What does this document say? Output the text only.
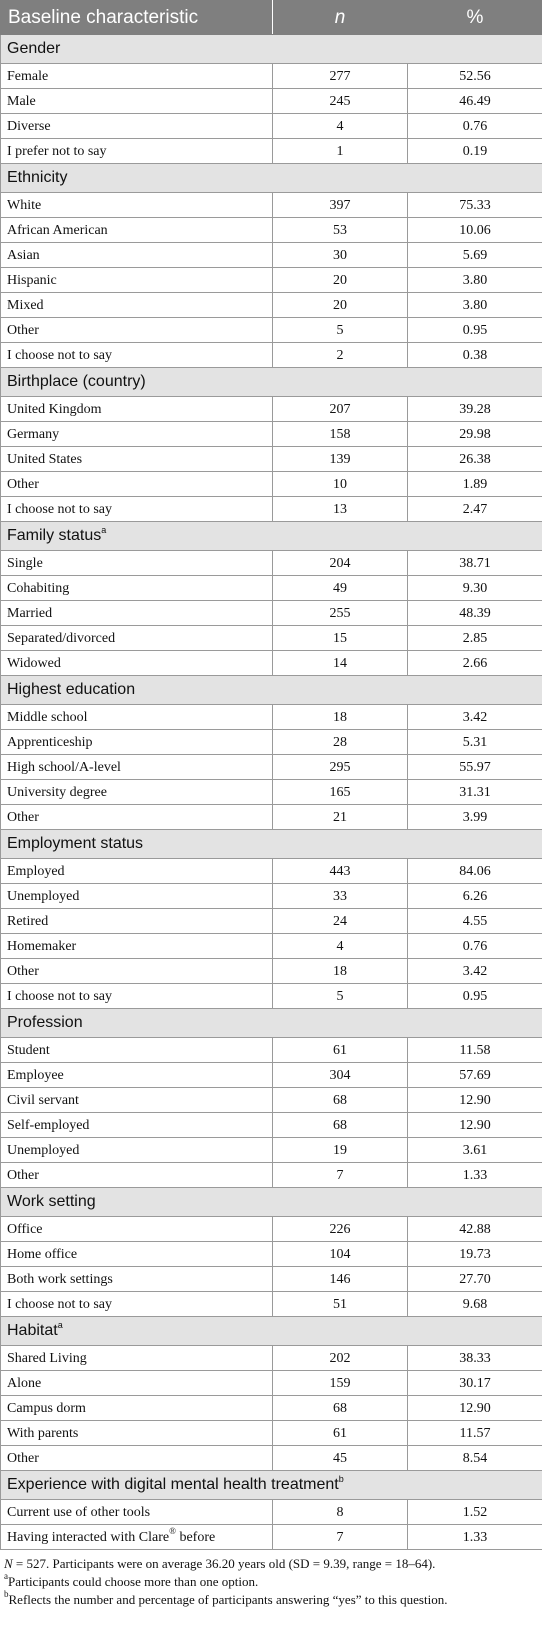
Baseline characteristic	n	%
Gender		
Female	277	52.56
Male	245	46.49
Diverse	4	0.76
I prefer not to say	1	0.19
Ethnicity		
White	397	75.33
African American	53	10.06
Asian	30	5.69
Hispanic	20	3.80
Mixed	20	3.80
Other	5	0.95
I choose not to say	2	0.38
Birthplace (country)		
United Kingdom	207	39.28
Germany	158	29.98
United States	139	26.38
Other	10	1.89
I choose not to say	13	2.47
Family status$^a$
Single	204	38.71
Cohabiting	49	9.30
Married	255	48.39
Separated/divorced	15	2.85
Widowed	14	2.66
Highest education		
Middle school	18	3.42
Apprenticeship	28	5.31
High school/A-level	295	55.97
University degree	165	31.31
Other	21	3.99
Employment status		
Employed	443	84.06
Unemployed	33	6.26
Retired	24	4.55
Homemaker	4	0.76
Other	18	3.42
I choose not to say	5	0.95
Profession		
Student	61	11.58
Employee	304	57.69
Civil servant	68	12.90
Self-employed	68	12.90
Unemployed	19	3.61
Other	7	1.33
Work setting		
Office	226	42.88
Home office	104	19.73
Both work settings	146	27.70
I choose not to say	51	9.68
Habitat$^a$
Shared Living	202	38.33
Alone	159	30.17
Campus dorm	68	12.90
With parents	61	11.57
Other	45	8.54
Experience with digital mental health treatment$^b$
Current use of other tools	8	1.52
Having interacted with Clare® before	7	1.33

N = 527. Participants were on average 36.20 years old (SD = 9.39, range = 18–64).

$^a$Participants could choose more than one option.

$^b$Reflects the number and percentage of participants answering “yes” to this question.
